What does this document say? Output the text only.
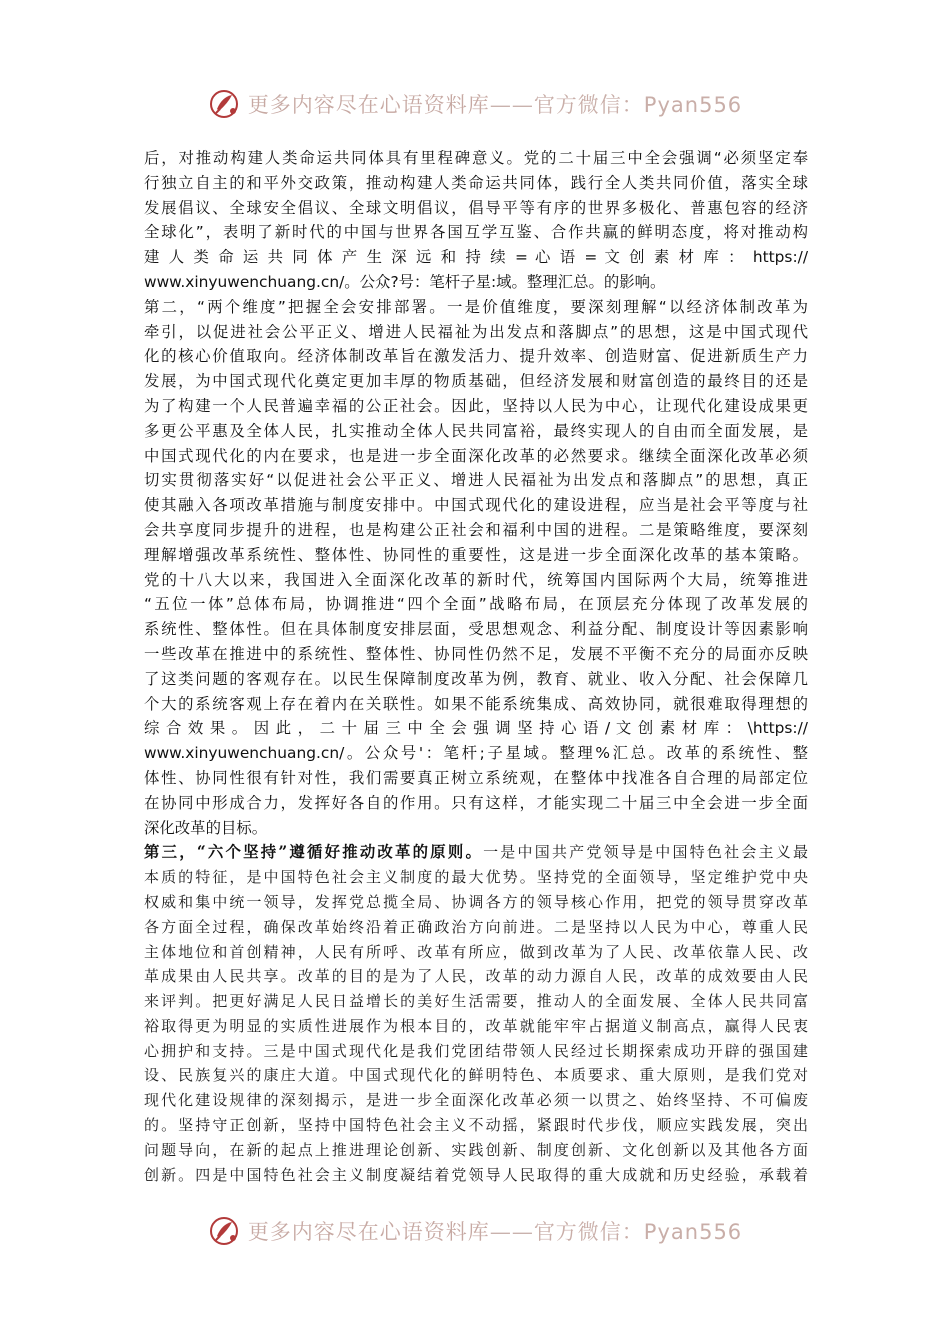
更多内容尽在心语资料库——官方微信：Pyan556
后，对推动构建人类命运共同体具有里程碑意义。党的二十届三中全会强调“必须坚定奉
行独立自主的和平外交政策，推动构建人类命运共同体，践行全人类共同价值，落实全球
发展倡议、全球安全倡议、全球文明倡议，倡导平等有序的世界多极化、普惠包容的经济
全球化”，表明了新时代的中国与世界各国互学互鉴、合作共赢的鲜明态度，将对推动构
建 人 类 命 运 共 同 体 产 生 深 远 和 持 续 = 心 语 = 文 创 素 材 库 ： https://
www.xinyuwenchuang.cn/。公众?号：笔杆子星:域。整理汇总。的影响。
第二，“两个维度”把握全会安排部署。一是价值维度，要深刻理解“以经济体制改革为
牵引，以促进社会公平正义、增进人民福祉为出发点和落脚点”的思想，这是中国式现代
化的核心价值取向。经济体制改革旨在激发活力、提升效率、创造财富、促进新质生产力
发展，为中国式现代化奠定更加丰厚的物质基础，但经济发展和财富创造的最终目的还是
为了构建一个人民普遍幸福的公正社会。因此，坚持以人民为中心，让现代化建设成果更
多更公平惠及全体人民，扎实推动全体人民共同富裕，最终实现人的自由而全面发展，是
中国式现代化的内在要求，也是进一步全面深化改革的必然要求。继续全面深化改革必须
切实贯彻落实好“以促进社会公平正义、增进人民福祉为出发点和落脚点”的思想，真正
使其融入各项改革措施与制度安排中。中国式现代化的建设进程，应当是社会平等度与社
会共享度同步提升的进程，也是构建公正社会和福利中国的进程。二是策略维度，要深刻
理解增强改革系统性、整体性、协同性的重要性，这是进一步全面深化改革的基本策略。
党的十八大以来，我国进入全面深化改革的新时代，统筹国内国际两个大局，统筹推进
“五位一体”总体布局，协调推进“四个全面”战略布局，在顶层充分体现了改革发展的
系统性、整体性。但在具体制度安排层面，受思想观念、利益分配、制度设计等因素影响
一些改革在推进中的系统性、整体性、协同性仍然不足，发展不平衡不充分的局面亦反映
了这类问题的客观存在。以民生保障制度改革为例，教育、就业、收入分配、社会保障几
个大的系统客观上存在着内在关联性。如果不能系统集成、高效协同，就很难取得理想的
综 合 效 果 。 因 此 ， 二 十 届 三 中 全 会 强 调 坚 持 心 语 / 文 创 素 材 库 ： \https://
www.xinyuwenchuang.cn/。公众号'：笔杆;子星域。整理%汇总。改革的系统性、整
体性、协同性很有针对性，我们需要真正树立系统观，在整体中找准各自合理的局部定位
在协同中形成合力，发挥好各自的作用。只有这样，才能实现二十届三中全会进一步全面
深化改革的目标。
第三，“六个坚持”遵循好推动改革的原则。一是中国共产党领导是中国特色社会主义最
本质的特征，是中国特色社会主义制度的最大优势。坚持党的全面领导，坚定维护党中央
权威和集中统一领导，发挥党总揽全局、协调各方的领导核心作用，把党的领导贯穿改革
各方面全过程，确保改革始终沿着正确政治方向前进。二是坚持以人民为中心，尊重人民
主体地位和首创精神，人民有所呼、改革有所应，做到改革为了人民、改革依靠人民、改
革成果由人民共享。改革的目的是为了人民，改革的动力源自人民，改革的成效要由人民
来评判。把更好满足人民日益增长的美好生活需要，推动人的全面发展、全体人民共同富
裕取得更为明显的实质性进展作为根本目的，改革就能牢牢占据道义制高点，赢得人民衷
心拥护和支持。三是中国式现代化是我们党团结带领人民经过长期探索成功开辟的强国建
设、民族复兴的康庄大道。中国式现代化的鲜明特色、本质要求、重大原则，是我们党对
现代化建设规律的深刻揭示，是进一步全面深化改革必须一以贯之、始终坚持、不可偏废
的。坚持守正创新，坚持中国特色社会主义不动摇，紧跟时代步伐，顺应实践发展，突出
问题导向，在新的起点上推进理论创新、实践创新、制度创新、文化创新以及其他各方面
创新。四是中国特色社会主义制度凝结着党领导人民取得的重大成就和历史经验，承载着
更多内容尽在心语资料库——官方微信：Pyan556
